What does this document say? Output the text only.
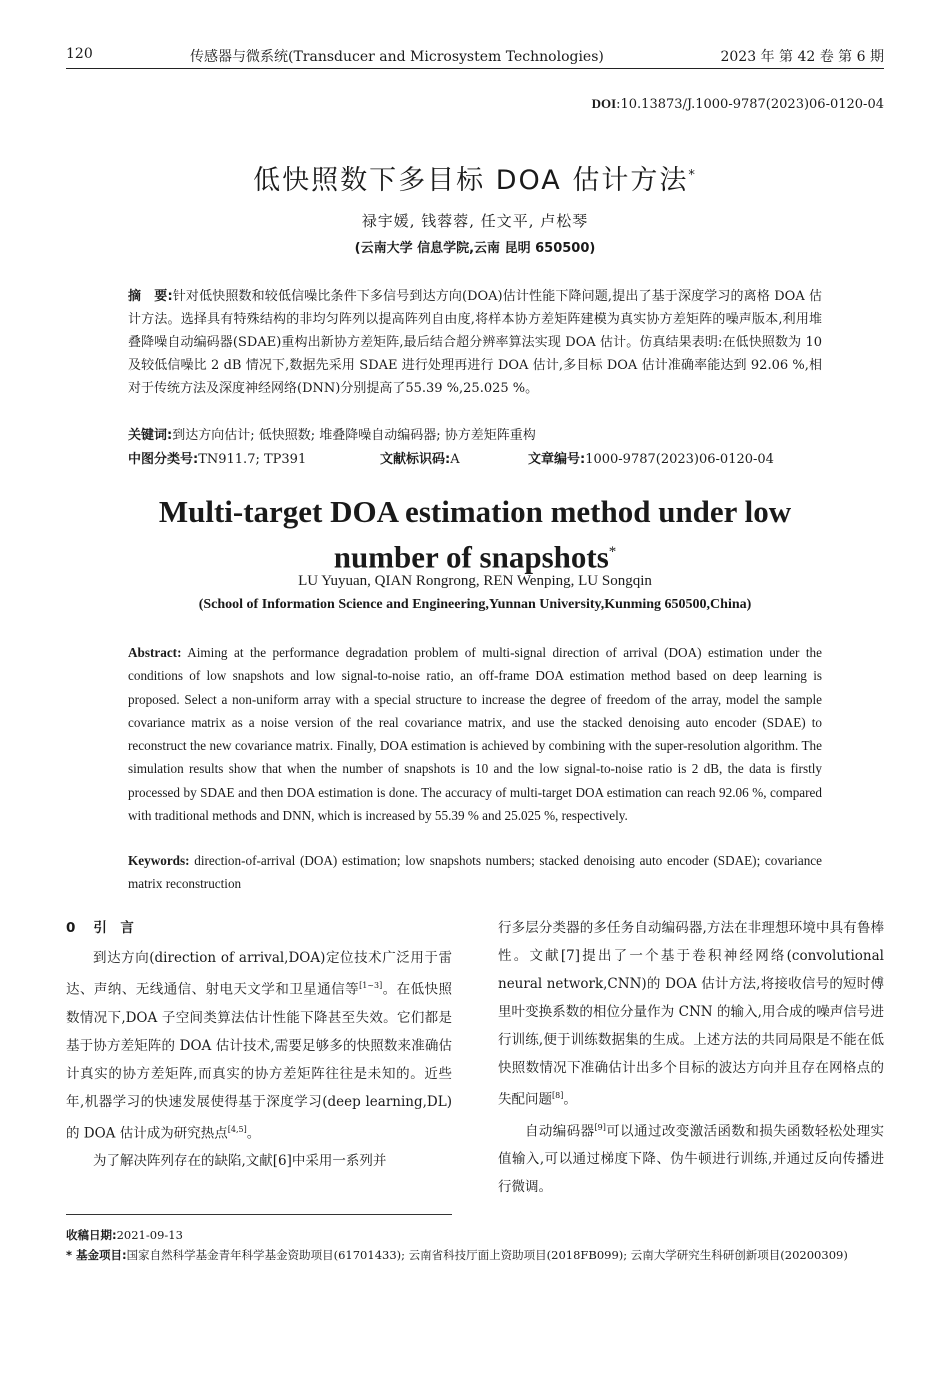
120	传感器与微系统(Transducer and Microsystem Technologies)	2023 年 第 42 卷 第 6 期
DOI:10.13873/J.1000-9787(2023)06-0120-04
低快照数下多目标 DOA 估计方法*
禄宇媛, 钱蓉蓉, 任文平, 卢松琴
(云南大学 信息学院,云南 昆明 650500)
摘　要:针对低快照数和较低信噪比条件下多信号到达方向(DOA)估计性能下降问题,提出了基于深度学习的离格 DOA 估计方法。选择具有特殊结构的非均匀阵列以提高阵列自由度,将样本协方差矩阵建模为真实协方差矩阵的噪声版本,利用堆叠降噪自动编码器(SDAE)重构出新协方差矩阵,最后结合超分辨率算法实现 DOA 估计。仿真结果表明:在低快照数为 10 及较低信噪比 2 dB 情况下,数据先采用 SDAE 进行处理再进行 DOA 估计,多目标 DOA 估计准确率能达到 92.06 %,相对于传统方法及深度神经网络(DNN)分别提高了55.39 %,25.025 %。
关键词:到达方向估计; 低快照数; 堆叠降噪自动编码器; 协方差矩阵重构
中图分类号:TN911.7; TP391	文献标识码:A	文章编号:1000-9787(2023)06-0120-04
Multi-target DOA estimation method under low
number of snapshots*
LU Yuyuan, QIAN Rongrong, REN Wenping, LU Songqin
(School of Information Science and Engineering,Yunnan University,Kunming 650500,China)
Abstract: Aiming at the performance degradation problem of multi-signal direction of arrival (DOA) estimation under the conditions of low snapshots and low signal-to-noise ratio, an off-frame DOA estimation method based on deep learning is proposed. Select a non-uniform array with a special structure to increase the degree of freedom of the array, model the sample covariance matrix as a noise version of the real covariance matrix, and use the stacked denoising auto encoder (SDAE) to reconstruct the new covariance matrix. Finally, DOA estimation is achieved by combining with the super-resolution algorithm. The simulation results show that when the number of snapshots is 10 and the low signal-to-noise ratio is 2 dB, the data is firstly processed by SDAE and then DOA estimation is done. The accuracy of multi-target DOA estimation can reach 92.06 %, compared with traditional methods and DNN, which is increased by 55.39 % and 25.025 %, respectively.
Keywords: direction-of-arrival (DOA) estimation; low snapshots numbers; stacked denoising auto encoder (SDAE); covariance matrix reconstruction
0 引　言

到达方向(direction of arrival,DOA)定位技术广泛用于雷达、声纳、无线通信、射电天文学和卫星通信等[1~3]。在低快照数情况下,DOA 子空间类算法估计性能下降甚至失效。它们都是基于协方差矩阵的 DOA 估计技术,需要足够多的快照数来准确估计真实的协方差矩阵,而真实的协方差矩阵往往是未知的。近些年,机器学习的快速发展使得基于深度学习(deep learning,DL)的 DOA 估计成为研究热点[4,5]。

为了解决阵列存在的缺陷,文献[6]中采用一系列并

行多层分类器的多任务自动编码器,方法在非理想环境中具有鲁棒性。文献[7]提出了一个基于卷积神经网络(convolutional neural network,CNN)的 DOA 估计方法,将接收信号的短时傅里叶变换系数的相位分量作为 CNN 的输入,用合成的噪声信号进行训练,便于训练数据集的生成。上述方法的共同局限是不能在低快照数情况下准确估计出多个目标的波达方向并且存在网格点的失配问题[8]。

自动编码器[9]可以通过改变激活函数和损失函数轻松处理实值输入,可以通过梯度下降、伪牛顿进行训练,并通过反向传播进行微调。

收稿日期:2021-09-13
* 基金项目:国家自然科学基金青年科学基金资助项目(61701433); 云南省科技厅面上资助项目(2018FB099); 云南大学研究生科研创新项目(20200309)
